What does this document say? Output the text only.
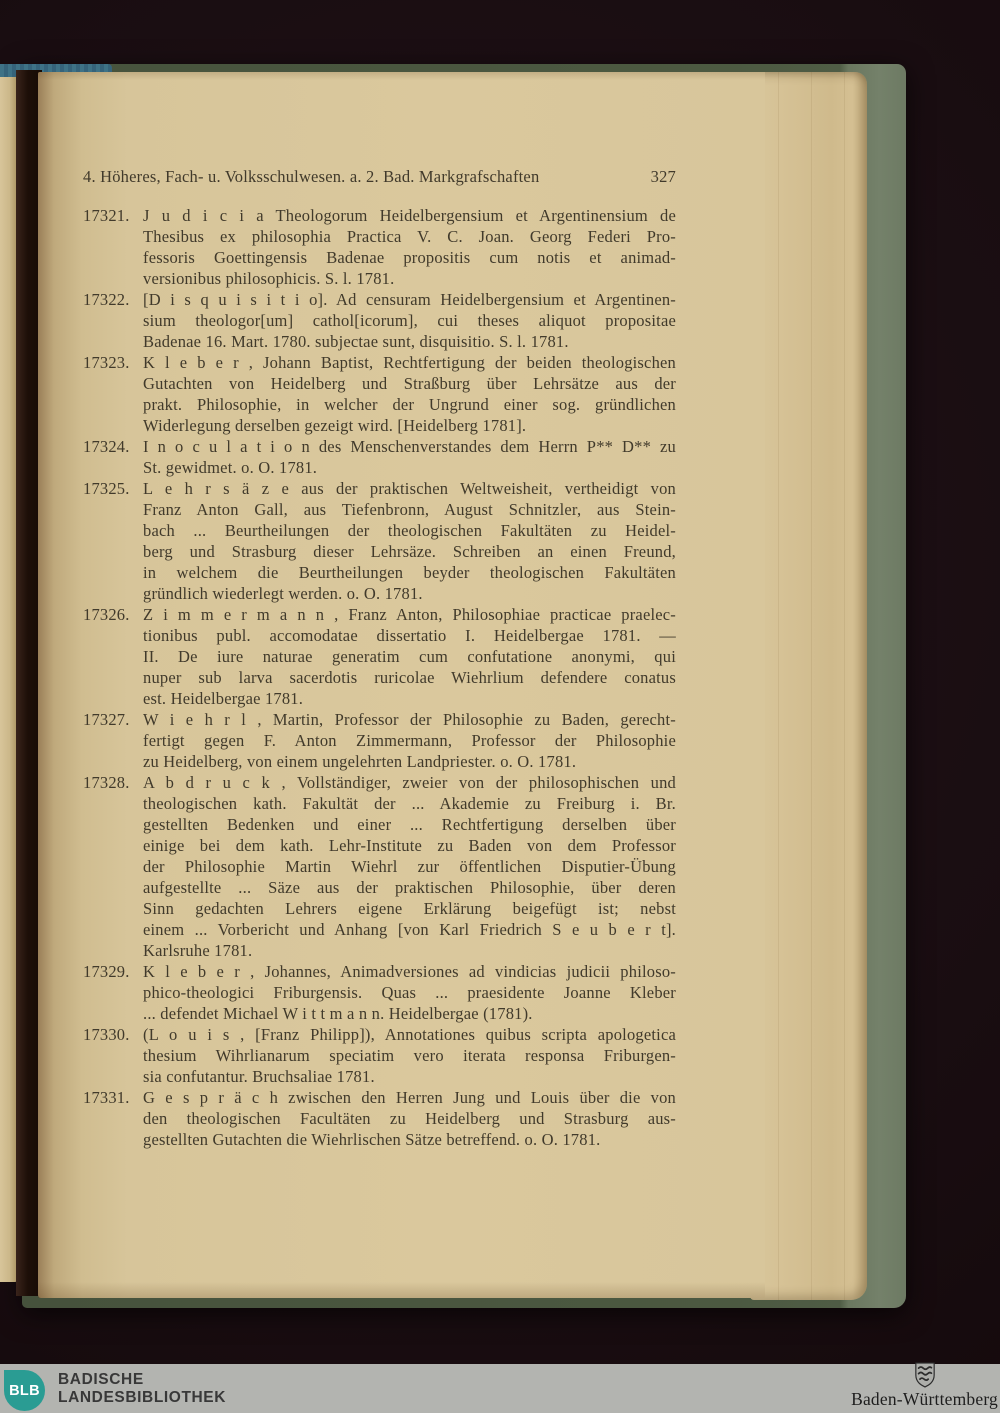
4. Höheres, Fach- u. Volksschulwesen. a. 2. Bad. Markgrafschaften	327
17321. J u d i c i a Theologorum Heidelbergensium et Argentinensium de
Thesibus ex philosophia Practica V. C. Joan. Georg Federi Pro-
fessoris Goettingensis Badenae propositis cum notis et animad-
versionibus philosophicis. S. l. 1781.
17322. [D i s q u i s i t i o]. Ad censuram Heidelbergensium et Argentinen-
sium theologor[um] cathol[icorum], cui theses aliquot propositae
Badenae 16. Mart. 1780. subjectae sunt, disquisitio. S. l. 1781.
17323. K l e b e r , Johann Baptist, Rechtfertigung der beiden theologischen
Gutachten von Heidelberg und Straßburg über Lehrsätze aus der
prakt. Philosophie, in welcher der Ungrund einer sog. gründlichen
Widerlegung derselben gezeigt wird. [Heidelberg 1781].
17324. I n o c u l a t i o n des Menschenverstandes dem Herrn P** D** zu
St. gewidmet. o. O. 1781.
17325. L e h r s ä z e aus der praktischen Weltweisheit, vertheidigt von
Franz Anton Gall, aus Tiefenbronn, August Schnitzler, aus Stein-
bach ... Beurtheilungen der theologischen Fakultäten zu Heidel-
berg und Strasburg dieser Lehrsäze. Schreiben an einen Freund,
in welchem die Beurtheilungen beyder theologischen Fakultäten
gründlich wiederlegt werden. o. O. 1781.
17326. Z i m m e r m a n n , Franz Anton, Philosophiae practicae praelec-
tionibus publ. accomodatae dissertatio I. Heidelbergae 1781. —
II. De iure naturae generatim cum confutatione anonymi, qui
nuper sub larva sacerdotis ruricolae Wiehrlium defendere conatus
est. Heidelbergae 1781.
17327. W i e h r l , Martin, Professor der Philosophie zu Baden, gerecht-
fertigt gegen F. Anton Zimmermann, Professor der Philosophie
zu Heidelberg, von einem ungelehrten Landpriester. o. O. 1781.
17328. A b d r u c k , Vollständiger, zweier von der philosophischen und
theologischen kath. Fakultät der ... Akademie zu Freiburg i. Br.
gestellten Bedenken und einer ... Rechtfertigung derselben über
einige bei dem kath. Lehr-Institute zu Baden von dem Professor
der Philosophie Martin Wiehrl zur öffentlichen Disputier-Übung
aufgestellte ... Säze aus der praktischen Philosophie, über deren
Sinn gedachten Lehrers eigene Erklärung beigefügt ist; nebst
einem ... Vorbericht und Anhang [von Karl Friedrich S e u b e r t].
Karlsruhe 1781.
17329. K l e b e r , Johannes, Animadversiones ad vindicias judicii philoso-
phico-theologici Friburgensis. Quas ... praesidente Joanne Kleber
... defendet Michael W i t t m a n n. Heidelbergae (1781).
17330. (L o u i s , [Franz Philipp]), Annotationes quibus scripta apologetica
thesium Wihrlianarum speciatim vero iterata responsa Friburgen-
sia confutantur. Bruchsaliae 1781.
17331. G e s p r ä c h zwischen den Herren Jung und Louis über die von
den theologischen Facultäten zu Heidelberg und Strasburg aus-
gestellten Gutachten die Wiehrlischen Sätze betreffend. o. O. 1781.
BLB
BADISCHE
LANDESBIBLIOTHEK	Baden-Württemberg
